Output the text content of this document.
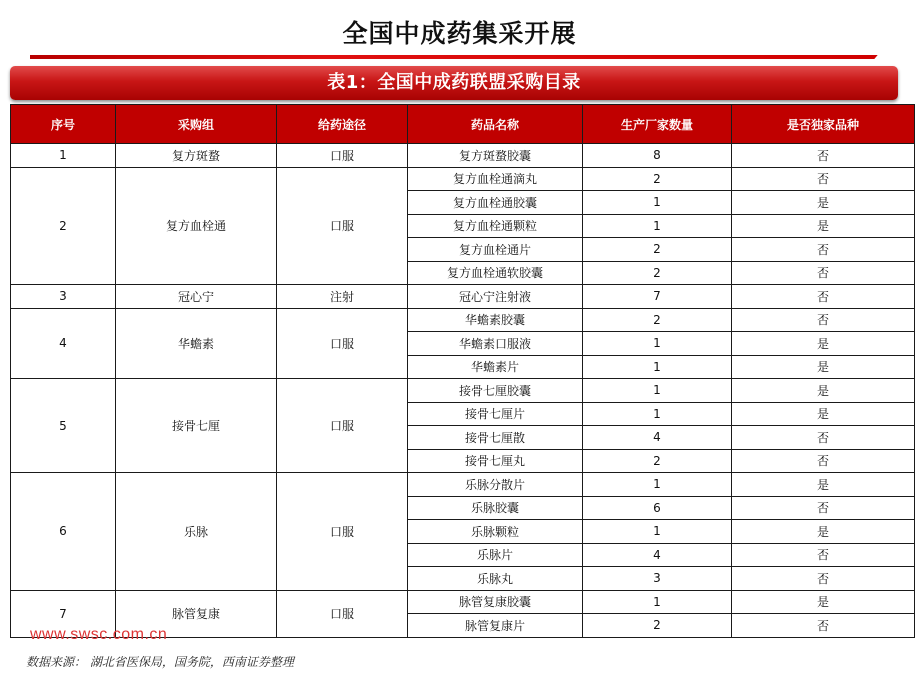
全国中成药集采开展
表1：全国中成药联盟采购目录
序号	采购组	给药途径	药品名称	生产厂家数量	是否独家品种
1	复方斑蝥	口服	复方斑蝥胶囊	8	否
2	复方血栓通	口服	复方血栓通滴丸	2	否
			复方血栓通胶囊	1	是
			复方血栓通颗粒	1	是
			复方血栓通片	2	否
			复方血栓通软胶囊	2	否
3	冠心宁	注射	冠心宁注射液	7	否
4	华蟾素	口服	华蟾素胶囊	2	否
			华蟾素口服液	1	是
			华蟾素片	1	是
5	接骨七厘	口服	接骨七厘胶囊	1	是
			接骨七厘片	1	是
			接骨七厘散	4	否
			接骨七厘丸	2	否
6	乐脉	口服	乐脉分散片	1	是
			乐脉胶囊	6	否
			乐脉颗粒	1	是
			乐脉片	4	否
			乐脉丸	3	否
7	脉管复康	口服	脉管复康胶囊	1	是
			脉管复康片	2	否
www.swsc.com.cn
数据来源： 湖北省医保局，国务院，西南证券整理
